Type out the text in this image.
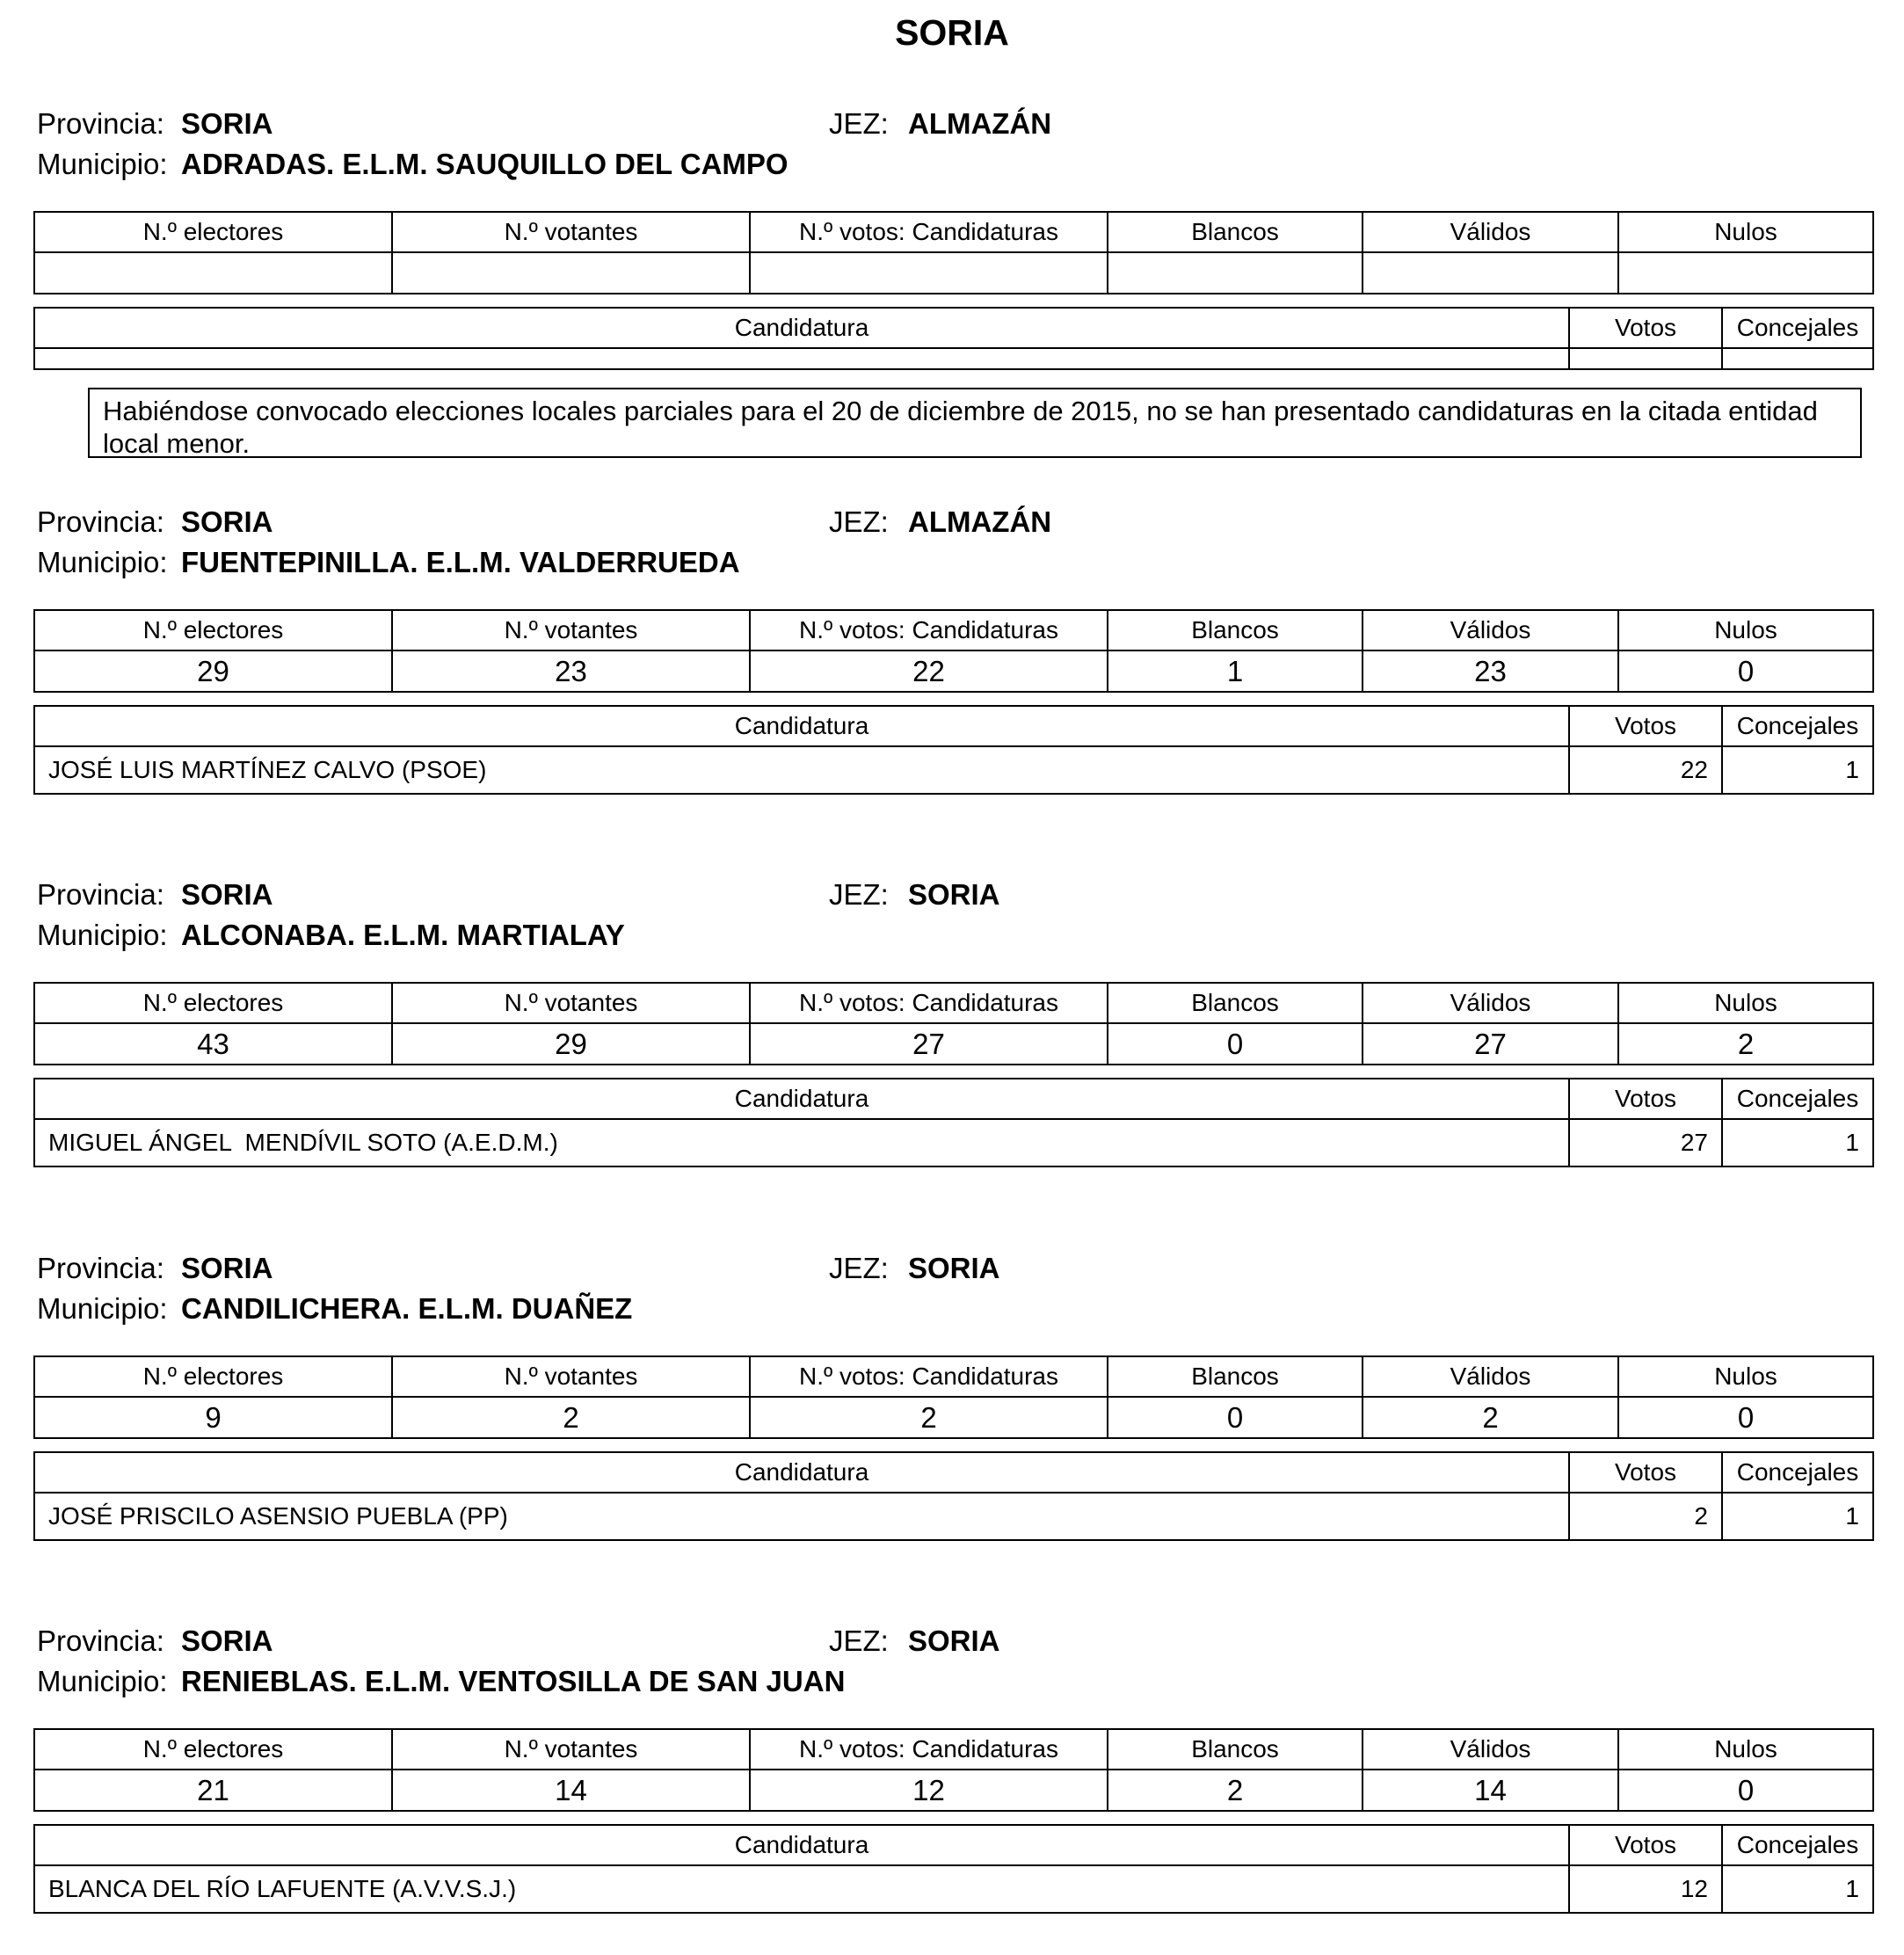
SORIA
Provincia: SORIA	JEZ: ALMAZÁN
Municipio: ADRADAS. E.L.M. SAUQUILLO DEL CAMPO
N.º electores	N.º votantes	N.º votos: Candidaturas	Blancos	Válidos	Nulos

Candidatura	Votos	Concejales

Habiéndose convocado elecciones locales parciales para el 20 de diciembre de 2015, no se han presentado candidaturas en la citada entidad local menor.
Provincia: SORIA	JEZ: ALMAZÁN
Municipio: FUENTEPINILLA. E.L.M. VALDERRUEDA
N.º electores	N.º votantes	N.º votos: Candidaturas	Blancos	Válidos	Nulos
29	23	22	1	23	0
Candidatura	Votos	Concejales
JOSÉ LUIS MARTÍNEZ CALVO (PSOE)	22	1
Provincia: SORIA	JEZ: SORIA
Municipio: ALCONABA. E.L.M. MARTIALAY
N.º electores	N.º votantes	N.º votos: Candidaturas	Blancos	Válidos	Nulos
43	29	27	0	27	2
Candidatura	Votos	Concejales
MIGUEL ÁNGEL  MENDÍVIL SOTO (A.E.D.M.)	27	1
Provincia: SORIA	JEZ: SORIA
Municipio: CANDILICHERA. E.L.M. DUAÑEZ
N.º electores	N.º votantes	N.º votos: Candidaturas	Blancos	Válidos	Nulos
9	2	2	0	2	0
Candidatura	Votos	Concejales
JOSÉ PRISCILO ASENSIO PUEBLA (PP)	2	1
Provincia: SORIA	JEZ: SORIA
Municipio: RENIEBLAS. E.L.M. VENTOSILLA DE SAN JUAN
N.º electores	N.º votantes	N.º votos: Candidaturas	Blancos	Válidos	Nulos
21	14	12	2	14	0
Candidatura	Votos	Concejales
BLANCA DEL RÍO LAFUENTE (A.V.V.S.J.)	12	1
